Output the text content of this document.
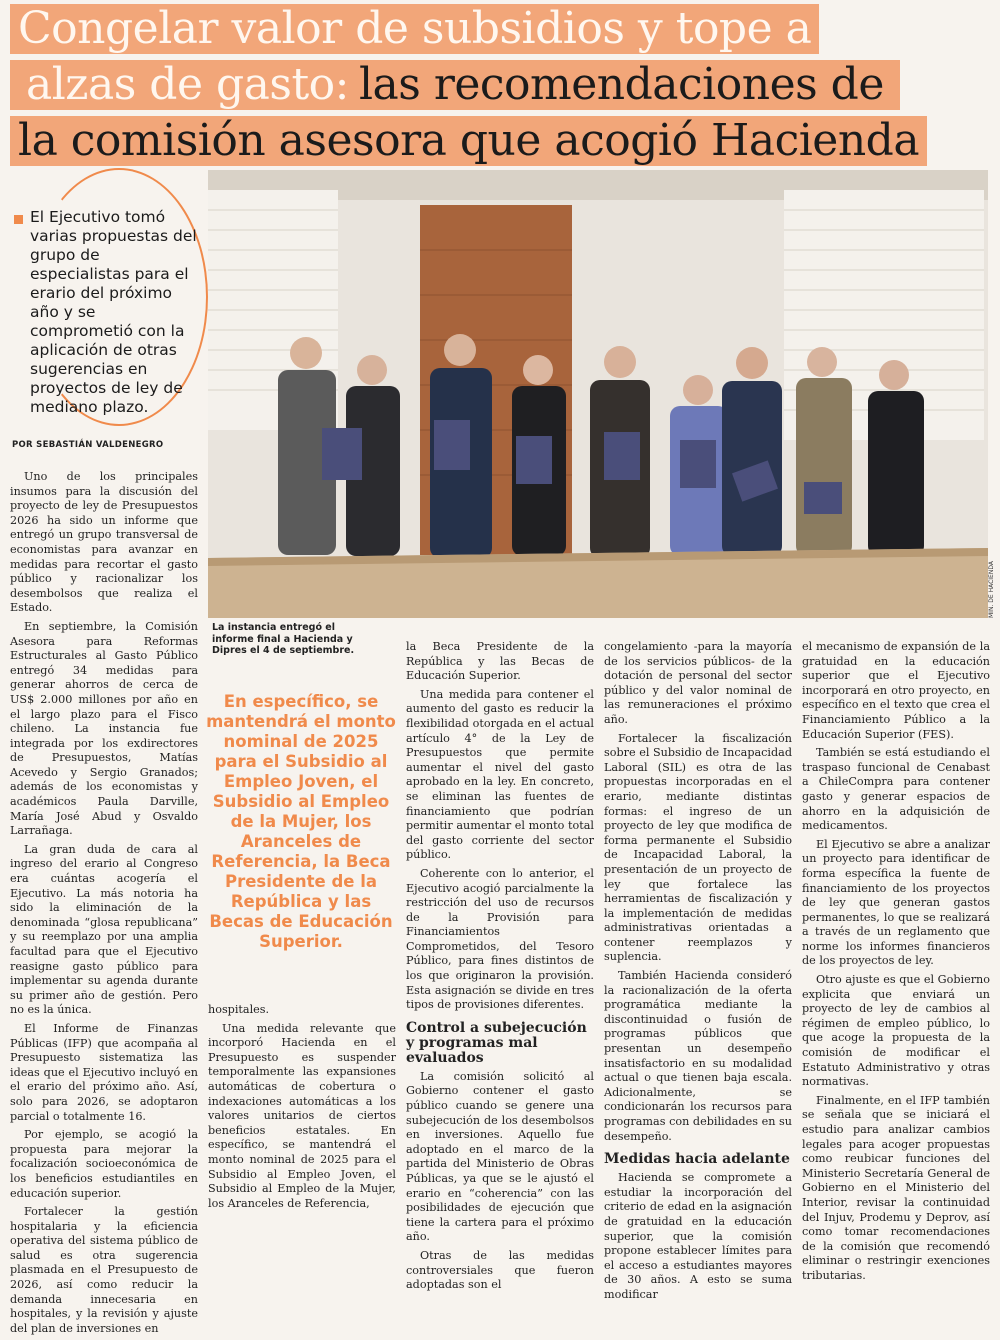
Congelar valor de subsidios y tope a
alzas de gasto: las recomendaciones de
la comisión asesora que acogió Hacienda
El Ejecutivo tomó varias propuestas del grupo de especialistas para el erario del próximo año y se comprometió con la aplicación de otras sugerencias en proyectos de ley de mediano plazo.
POR SEBASTIÁN VALDENEGRO
MIN. DE HACIENDA
La instancia entregó el informe final a Hacienda y Dipres el 4 de septiembre.

Uno de los principales insumos para la discusión del proyecto de ley de Presupuestos 2026 ha sido un informe que entregó un grupo transversal de economistas para avanzar en medidas para recortar el gasto público y racionalizar los desembolsos que realiza el Estado.

En septiembre, la Comisión Asesora para Reformas Estructurales al Gasto Público entregó 34 medidas para generar ahorros de cerca de US$ 2.000 millones por año en el largo plazo para el Fisco chileno. La instancia fue integrada por los exdirectores de Presupuestos, Matías Acevedo y Sergio Granados; además de los economistas y académicos Paula Darville, María José Abud y Osvaldo Larrañaga.

La gran duda de cara al ingreso del erario al Congreso era cuántas acogería el Ejecutivo. La más notoria ha sido la eliminación de la denominada “glosa republicana” y su reemplazo por una amplia facultad para que el Ejecutivo reasigne gasto público para implementar su agenda durante su primer año de gestión. Pero no es la única.

El Informe de Finanzas Públicas (IFP) que acompaña al Presupuesto sistematiza las ideas que el Ejecutivo incluyó en el erario del próximo año. Así, solo para 2026, se adoptaron parcial o totalmente 16.

Por ejemplo, se acogió la propuesta para mejorar la focalización socioeconómica de los beneficios estudiantiles en educación superior.

Fortalecer la gestión hospitalaria y la eficiencia operativa del sistema público de salud es otra sugerencia plasmada en el Presupuesto de 2026, así como reducir la demanda innecesaria en hospitales, y la revisión y ajuste del plan de inversiones en

En específico, se mantendrá el monto nominal de 2025 para el Subsidio al Empleo Joven, el Subsidio al Empleo de la Mujer, los Aranceles de Referencia, la Beca Presidente de la República y las Becas de Educación Superior.

hospitales.

Una medida relevante que incorporó Hacienda en el Presupuesto es suspender temporalmente las expansiones automáticas de cobertura o indexaciones automáticas a los valores unitarios de ciertos beneficios estatales. En específico, se mantendrá el monto nominal de 2025 para el Subsidio al Empleo Joven, el Subsidio al Empleo de la Mujer, los Aranceles de Referencia,

la Beca Presidente de la República y las Becas de Educación Superior.

Una medida para contener el aumento del gasto es reducir la flexibilidad otorgada en el actual artículo 4° de la Ley de Presupuestos que permite aumentar el nivel del gasto aprobado en la ley. En concreto, se eliminan las fuentes de financiamiento que podrían permitir aumentar el monto total del gasto corriente del sector público.

Coherente con lo anterior, el Ejecutivo acogió parcialmente la restricción del uso de recursos de la Provisión para Financiamientos Comprometidos, del Tesoro Público, para fines distintos de los que originaron la provisión. Esta asignación se divide en tres tipos de provisiones diferentes.

Control a subejecución y programas mal evaluados

La comisión solicitó al Gobierno contener el gasto público cuando se genere una subejecución de los desembolsos en inversiones. Aquello fue adoptado en el marco de la partida del Ministerio de Obras Públicas, ya que se le ajustó el erario en “coherencia” con las posibilidades de ejecución que tiene la cartera para el próximo año.

Otras de las medidas controversiales que fueron adoptadas son el

congelamiento -para la mayoría de los servicios públicos- de la dotación de personal del sector público y del valor nominal de las remuneraciones el próximo año.

Fortalecer la fiscalización sobre el Subsidio de Incapacidad Laboral (SIL) es otra de las propuestas incorporadas en el erario, mediante distintas formas: el ingreso de un proyecto de ley que modifica de forma permanente el Subsidio de Incapacidad Laboral, la presentación de un proyecto de ley que fortalece las herramientas de fiscalización y la implementación de medidas administrativas orientadas a contener reemplazos y suplencia.

También Hacienda consideró la racionalización de la oferta programática mediante la discontinuidad o fusión de programas públicos que presentan un desempeño insatisfactorio en su modalidad actual o que tienen baja escala. Adicionalmente, se condicionarán los recursos para programas con debilidades en su desempeño.

Medidas hacia adelante

Hacienda se compromete a estudiar la incorporación del criterio de edad en la asignación de gratuidad en la educación superior, que la comisión propone establecer límites para el acceso a estudiantes mayores de 30 años. A esto se suma modificar

el mecanismo de expansión de la gratuidad en la educación superior que el Ejecutivo incorporará en otro proyecto, en específico en el texto que crea el Financiamiento Público a la Educación Superior (FES).

También se está estudiando el traspaso funcional de Cenabast a ChileCompra para contener gasto y generar espacios de ahorro en la adquisición de medicamentos.

El Ejecutivo se abre a analizar un proyecto para identificar de forma específica la fuente de financiamiento de los proyectos de ley que generan gastos permanentes, lo que se realizará a través de un reglamento que norme los informes financieros de los proyectos de ley.

Otro ajuste es que el Gobierno explicita que enviará un proyecto de ley de cambios al régimen de empleo público, lo que acoge la propuesta de la comisión de modificar el Estatuto Administrativo y otras normativas.

Finalmente, en el IFP también se señala que se iniciará el estudio para analizar cambios legales para acoger propuestas como reubicar funciones del Ministerio Secretaría General de Gobierno en el Ministerio del Interior, revisar la continuidad del Injuv, Prodemu y Deprov, así como tomar recomendaciones de la comisión que recomendó eliminar o restringir exenciones tributarias.
